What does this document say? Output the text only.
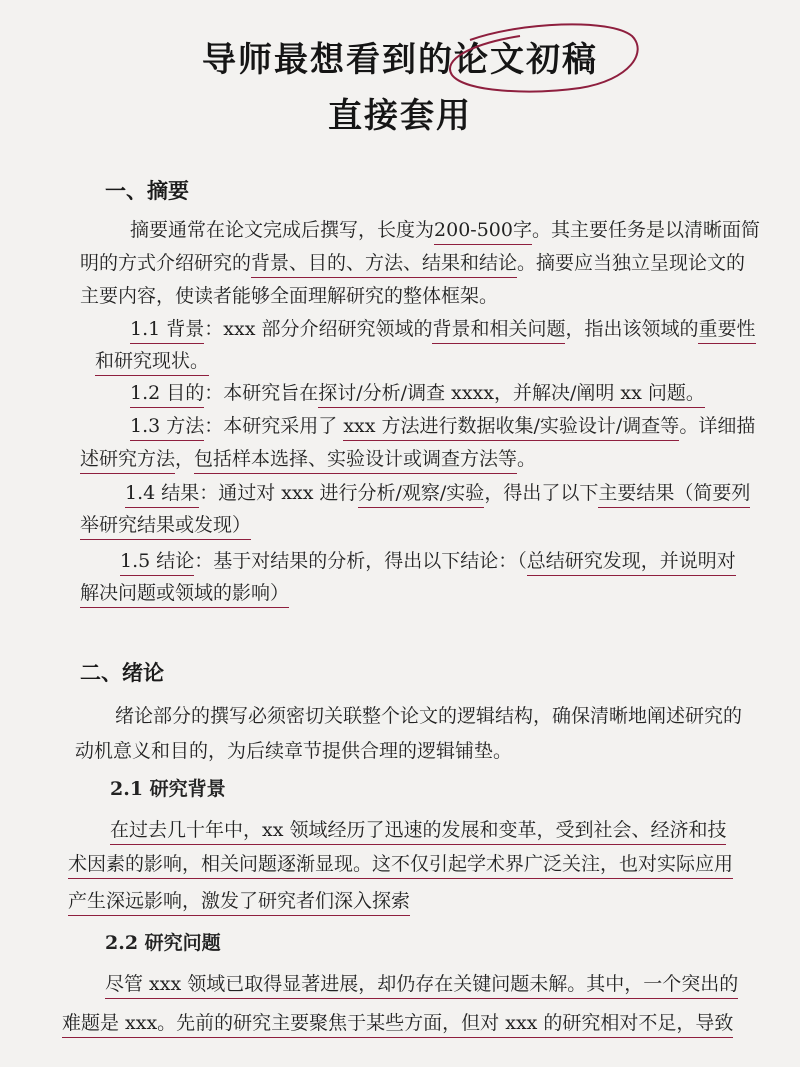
导师最想看到的论文初稿
直接套用
一、摘要
二、绪论
摘要通常在论文完成后撰写，长度为200-500字。其主要任务是以清晰面简
明的方式介绍研究的背景、目的、方法、结果和结论。摘要应当独立呈现论文的
主要内容，使读者能够全面理解研究的整体框架。
1.1 背景：xxx 部分介绍研究领域的背景和相关问题，指出该领域的重要性
和研究现状。
1.2 目的：本研究旨在探讨/分析/调查 xxxx，并解决/阐明 xx 问题。
1.3 方法：本研究采用了 xxx 方法进行数据收集/实验设计/调查等。详细描
述研究方法，包括样本选择、实验设计或调查方法等。
1.4 结果：通过对 xxx 进行分析/观察/实验，得出了以下主要结果（简要列
举研究结果或发现）
1.5 结论：基于对结果的分析，得出以下结论：（总结研究发现，并说明对
解决问题或领域的影响）
绪论部分的撰写必须密切关联整个论文的逻辑结构，确保清晰地阐述研究的
动机意义和目的，为后续章节提供合理的逻辑铺垫。
2.1 研究背景
在过去几十年中，xx 领域经历了迅速的发展和变革，受到社会、经济和技
术因素的影响，相关问题逐渐显现。这不仅引起学术界广泛关注，也对实际应用
产生深远影响，激发了研究者们深入探索
2.2 研究问题
尽管 xxx 领域已取得显著进展，却仍存在关键问题未解。其中，一个突出的
难题是 xxx。先前的研究主要聚焦于某些方面，但对 xxx 的研究相对不足，导致
